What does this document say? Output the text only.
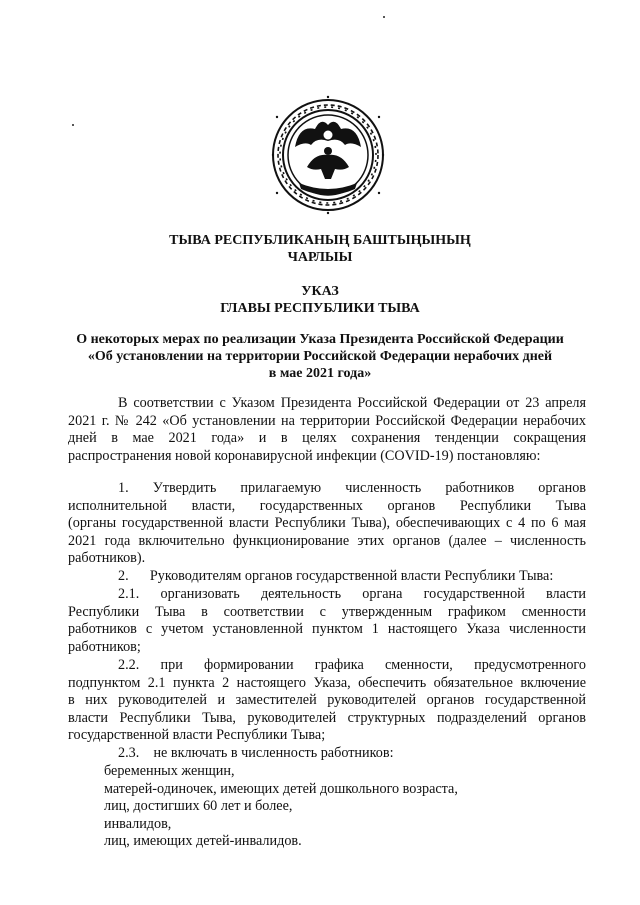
ТЫВА РЕСПУБЛИКАНЫҢ БАШТЫҢЫНЫҢ
ЧАРЛЫЫ
УКАЗ
ГЛАВЫ РЕСПУБЛИКИ ТЫВА
О некоторых мерах по реализации Указа Президента Российской Федерации
«Об установлении на территории Российской Федерации нерабочих дней
в мае 2021 года»
В соответствии с Указом Президента Российской Федерации от 23 апреля
2021 г. № 242 «Об установлении на территории Российской Федерации нерабочих
дней в мае 2021 года» и в целях сохранения тенденции сокращения
распространения новой коронавирусной инфекции (COVID-19) постановляю:
1.      Утвердить      прилагаемую      численность      работников      органов
исполнительной власти, государственных органов Республики Тыва
(органы государственной власти Республики Тыва), обеспечивающих с 4 по 6 мая
2021 года включительно функционирование этих органов (далее – численность
работников).
2.      Руководителям органов государственной власти Республики Тыва:
2.1.   организовать   деятельность   органа   государственной   власти
Республики Тыва в соответствии с утвержденным графиком сменности
работников с учетом установленной пунктом 1 настоящего Указа численности
работников;
2.2.   при   формировании   графика   сменности,   предусмотренного
подпунктом 2.1 пункта 2 настоящего Указа, обеспечить обязательное включение
в них руководителей и заместителей руководителей органов государственной
власти Республики Тыва, руководителей структурных подразделений органов
государственной власти Республики Тыва;
2.3.    не включать в численность работников:
беременных женщин,
матерей-одиночек, имеющих детей дошкольного возраста,
лиц, достигших 60 лет и более,
инвалидов,
лиц, имеющих детей-инвалидов.
